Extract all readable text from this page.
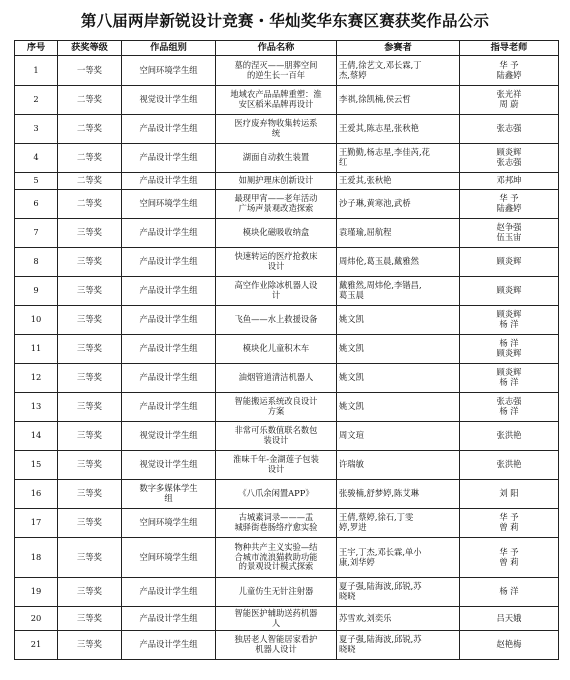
第八届两岸新锐设计竞赛・华灿奖华东赛区赛获奖作品公示
序号	获奖等级	作品组别	作品名称	参赛者	指导老师
1	一等奖	空间环境学生组	墓的涅灭——朋葬空间
的逆生长一百年	王倩,徐艺文,邓长霖,丁
杰,蔡婷	华 予
陆鑫婷

2	二等奖	视觉设计学生组	地域农产品品牌重塑：淮
安区稻米品牌再设计	李祺,徐凯楠,侯云哲	张光祥
周 蔚

3	二等奖	产品设计学生组	医疗废弃物收集转运系
统	王爱其,陈志星,张秋艳	张志强

4	二等奖	产品设计学生组	湖面自动救生装置	王勤勤,杨志星,李佳芮,花
红	顾炎辉
张志强

5	二等奖	产品设计学生组	如厕护理床创新设计	王爱其,张秋艳	邓邦坤

6	二等奖	空间环境学生组	最现甲宵——老年活动
广场声景观改造探索	沙子琳,黄寒池,武桥	华 予
陆鑫婷

7	三等奖	产品设计学生组	模块化磁吸收纳盒	袁瑾瑜,屈航程	赵争强
伍玉宙

8	三等奖	产品设计学生组	快速转运的医疗抢救床
设计	周炜伦,葛玉晨,戴雅然	顾炎辉

9	三等奖	产品设计学生组	高空作业除冰机器人设
计	戴雅然,周炜伦,李锴昌,
葛玉晨	顾炎辉

10	三等奖	产品设计学生组	飞鱼——水上救援设备	姚文凯	顾炎辉
杨 洋

11	三等奖	产品设计学生组	模块化儿童积木车	姚文凯	杨 洋
顾炎辉

12	三等奖	产品设计学生组	油烟管道清洁机器人	姚文凯	顾炎辉
杨 洋

13	三等奖	产品设计学生组	智能搬运系统改良设计
方案	姚文凯	张志强
杨 洋

14	三等奖	视觉设计学生组	非常可乐数值联名数包
装设计	周文瑄	张洪艳

15	三等奖	视觉设计学生组	淮味千年-金湖莲子包装
设计	许瑞敏	张洪艳

16	三等奖	数字多媒体学生
组	《八爪余闲置APP》	张骏楠,舒梦婷,陈艾琳	刘 阳

17	三等奖	空间环境学生组	古城素词录———盂
城驿街巷肠络疗愈实验	王倩,蔡婷,徐石,丁雯
婷,罗进	华 予
曾 莉

18	三等奖	空间环境学生组	物种共产主义实验—结
合城市流浪猫救助功能
的景观设计模式探索	王宇,丁杰,邓长霖,单小
康,刘华婷	华 予
曾 莉

19	三等奖	产品设计学生组	儿童仿生无针注射器	夏子强,陆海波,邱锐,苏
晓晓	杨 洋

20	三等奖	产品设计学生组	智能医护辅助送药机器
人	苏雪欢,刘奕乐	吕天娥

21	三等奖	产品设计学生组	独居老人智能居家看护
机器人设计	夏子强,陆海波,邱锐,苏
晓晓	赵艳梅
